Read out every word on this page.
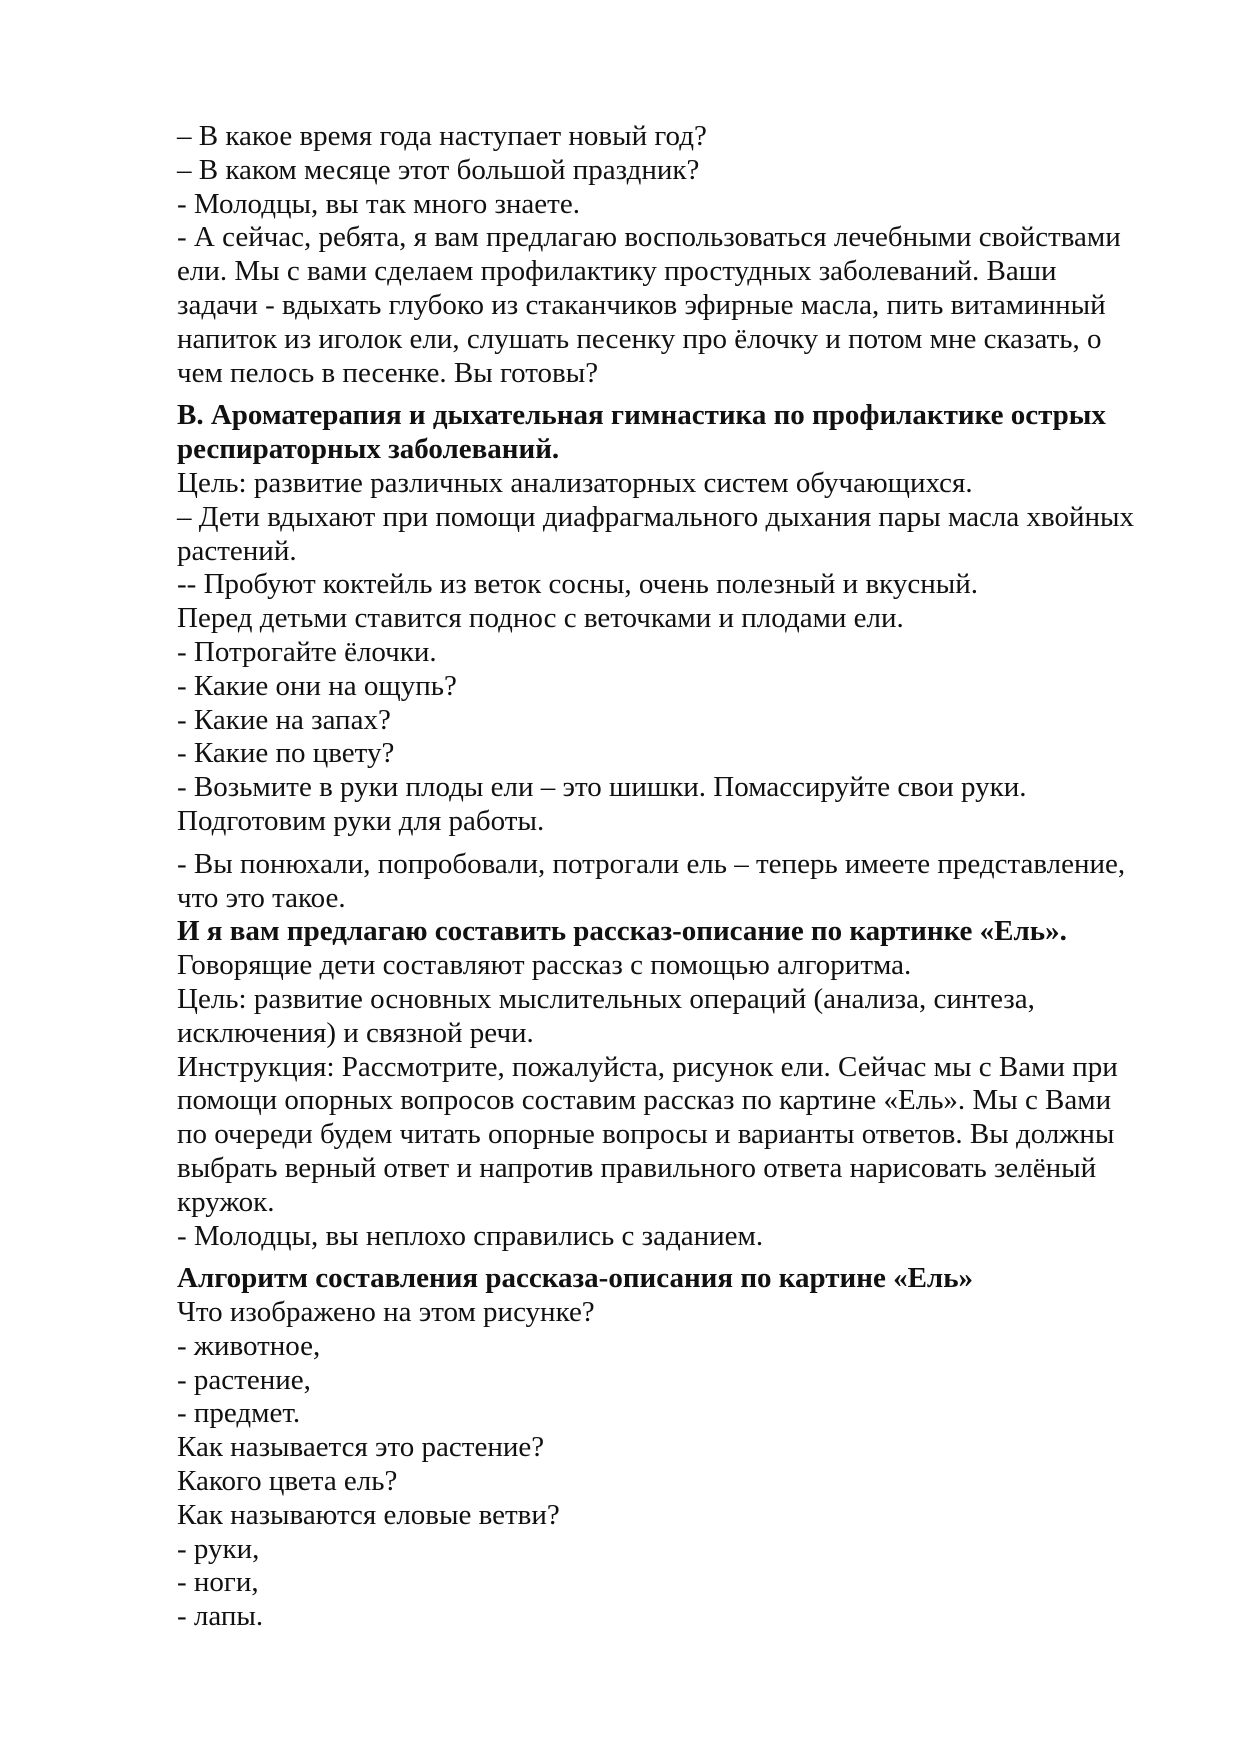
– В какое время года наступает новый год?
– В каком месяце этот большой праздник?
- Молодцы, вы так много знаете.
- А сейчас, ребята, я вам предлагаю воспользоваться лечебными свойствами
ели. Мы с вами сделаем профилактику простудных заболеваний. Ваши
задачи - вдыхать глубоко из стаканчиков эфирные масла, пить витаминный
напиток из иголок ели, слушать песенку про ёлочку и потом мне сказать, о
чем пелось в песенке. Вы готовы?
В. Ароматерапия и дыхательная гимнастика по профилактике острых
респираторных заболеваний.
Цель: развитие различных анализаторных систем обучающихся.
– Дети вдыхают при помощи диафрагмального дыхания пары масла хвойных
растений.
-- Пробуют коктейль из веток сосны, очень полезный и вкусный.
Перед детьми ставится поднос с веточками и плодами ели.
- Потрогайте ёлочки.
- Какие они на ощупь?
- Какие на запах?
- Какие по цвету?
- Возьмите в руки плоды ели – это шишки. Помассируйте свои руки.
Подготовим руки для работы.
- Вы понюхали, попробовали, потрогали ель – теперь имеете представление,
что это такое.
И я вам предлагаю составить рассказ-описание по картинке «Ель».
Говорящие дети составляют рассказ с помощью алгоритма.
Цель: развитие основных мыслительных операций (анализа, синтеза,
исключения) и связной речи.
Инструкция: Рассмотрите, пожалуйста, рисунок ели. Сейчас мы с Вами при
помощи опорных вопросов составим рассказ по картине «Ель». Мы с Вами
по очереди будем читать опорные вопросы и варианты ответов. Вы должны
выбрать верный ответ и напротив правильного ответа нарисовать зелёный
кружок.
- Молодцы, вы неплохо справились с заданием.
Алгоритм составления рассказа-описания по картине «Ель»
Что изображено на этом рисунке?
- животное,
- растение,
- предмет.
Как называется это растение?
Какого цвета ель?
Как называются еловые ветви?
- руки,
- ноги,
- лапы.
